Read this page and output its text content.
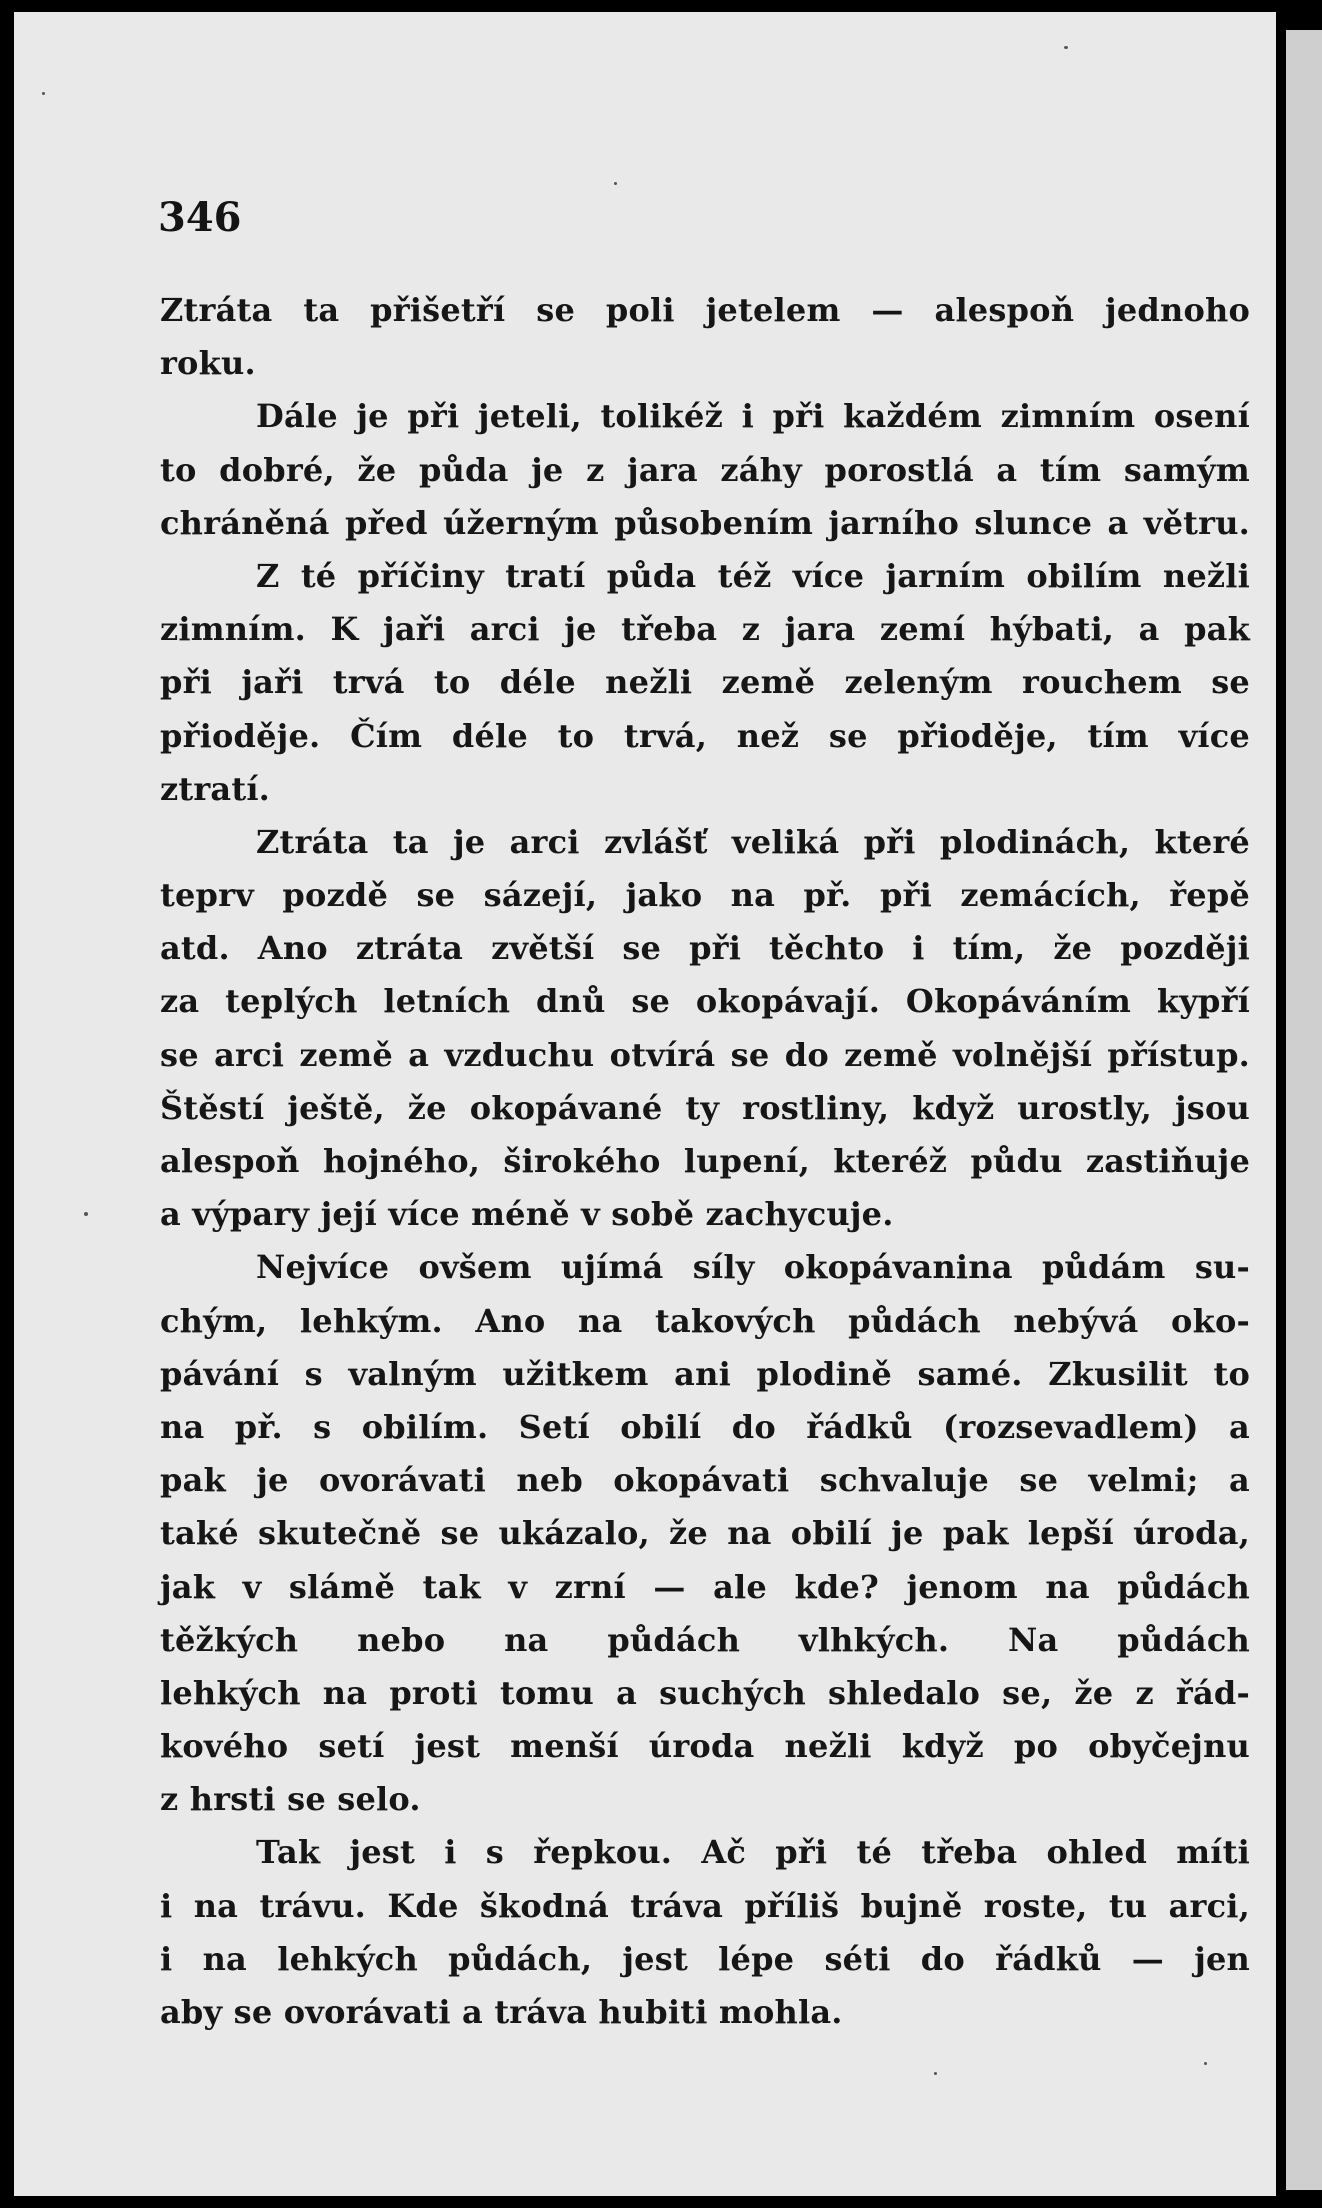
346

Ztráta ta přišetří se poli jetelem — alespoň jednoho
roku.
Dále je při jeteli, tolikéž i při každém zimním osení
to dobré, že půda je z jara záhy porostlá a tím samým
chráněná před úžerným působením jarního slunce a větru.
Z té příčiny tratí půda též více jarním obilím nežli
zimním. K jaři arci je třeba z jara zemí hýbati, a pak
při jaři trvá to déle nežli země zeleným rouchem se
přioděje. Čím déle to trvá, než se přioděje, tím více
ztratí.
Ztráta ta je arci zvlášť veliká při plodinách, které
teprv pozdě se sázejí, jako na př. při zemácích, řepě
atd. Ano ztráta zvětší se při těchto i tím, že později
za teplých letních dnů se okopávají. Okopáváním kypří
se arci země a vzduchu otvírá se do země volnější přístup.
Štěstí ještě, že okopávané ty rostliny, když urostly, jsou
alespoň hojného, širokého lupení, kteréž půdu zastiňuje
a výpary její více méně v sobě zachycuje.
Nejvíce ovšem ujímá síly okopávanina půdám su-
chým, lehkým. Ano na takových půdách nebývá oko-
pávání s valným užitkem ani plodině samé. Zkusilit to
na př. s obilím. Setí obilí do řádků (rozsevadlem) a
pak je ovorávati neb okopávati schvaluje se velmi; a
také skutečně se ukázalo, že na obilí je pak lepší úroda,
jak v slámě tak v zrní — ale kde? jenom na půdách
těžkých nebo na půdách vlhkých. Na půdách
lehkých na proti tomu a suchých shledalo se, že z řád-
kového setí jest menší úroda nežli když po obyčejnu
z hrsti se selo.
Tak jest i s řepkou. Ač při té třeba ohled míti
i na trávu. Kde škodná tráva příliš bujně roste, tu arci,
i na lehkých půdách, jest lépe séti do řádků — jen
aby se ovorávati a tráva hubiti mohla.
